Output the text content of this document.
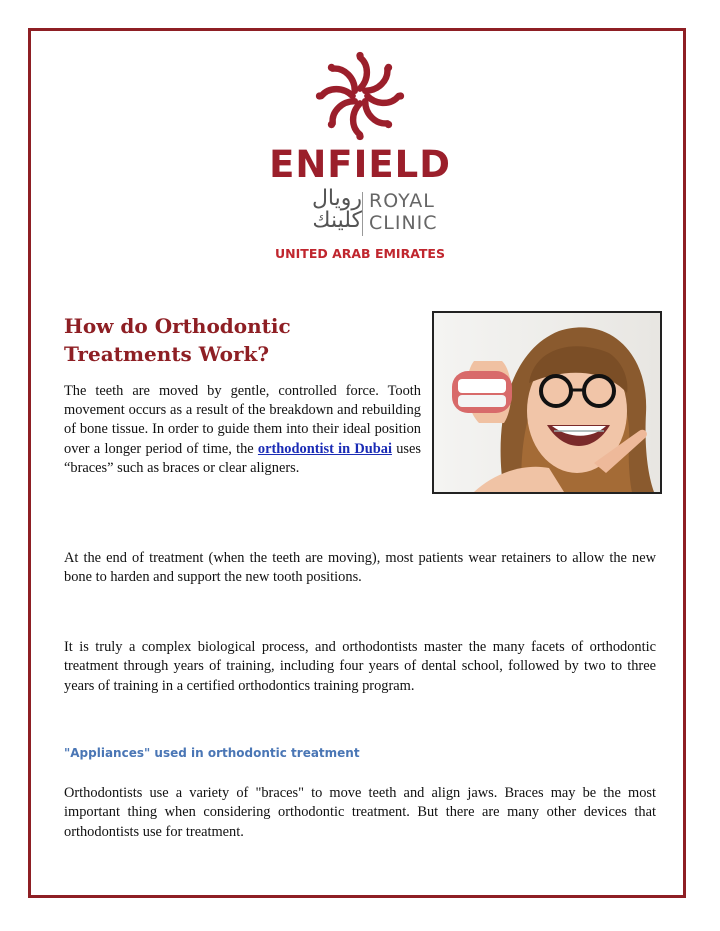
ENFIELD
رويال
كلينك
ROYAL
CLINIC
UNITED ARAB EMIRATES
How do Orthodontic Treatments Work?

The teeth are moved by gentle, controlled force. Tooth movement occurs as a result of the breakdown and rebuilding of bone tissue. In order to guide them into their ideal position over a longer period of time, the orthodontist in Dubai uses “braces” such as braces or clear aligners.

At the end of treatment (when the teeth are moving), most patients wear retainers to allow the new bone to harden and support the new tooth positions.

It is truly a complex biological process, and orthodontists master the many facets of orthodontic treatment through years of training, including four years of dental school, followed by two to three years of training in a certified orthodontics training program.

"Appliances" used in orthodontic treatment

Orthodontists use a variety of "braces" to move teeth and align jaws. Braces may be the most important thing when considering orthodontic treatment. But there are many other devices that orthodontists use for treatment.
